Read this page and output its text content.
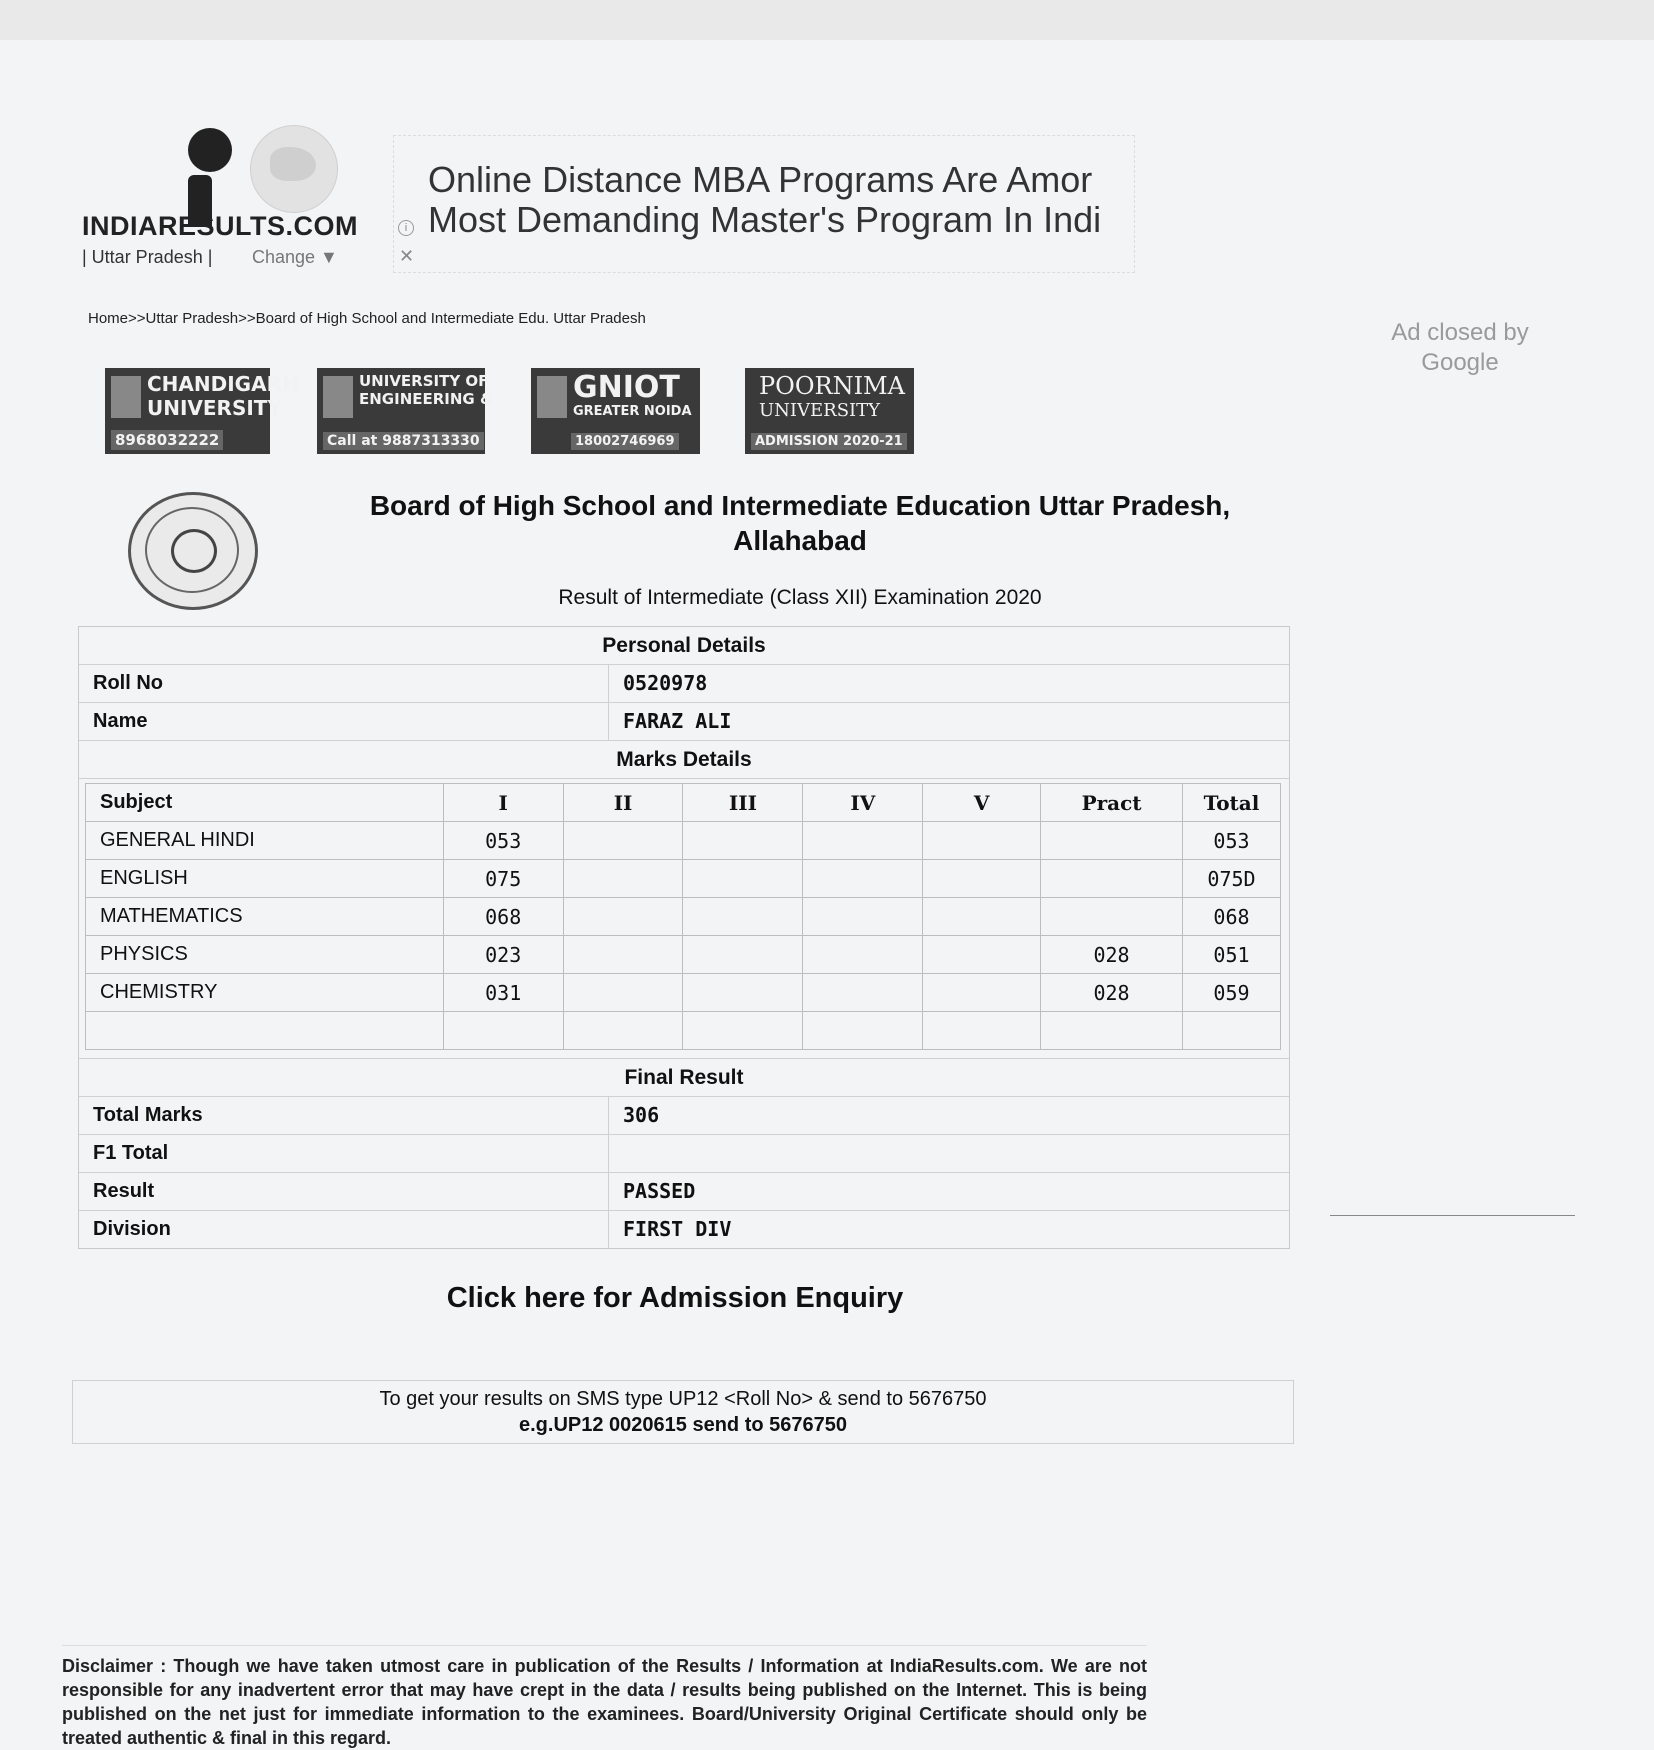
INDIARESULTS.COM
| Uttar Pradesh | Change ▼
Online Distance MBA Programs Are Amor
Most Demanding Master's Program In Indi
i
✕
Home>>Uttar Pradesh>>Board of High School and Intermediate Edu. Uttar Pradesh
Ad closed by
Google
CHANDIGARH
UNIVERSITY
8968032222
UNIVERSITY OF
ENGINEERING &
Call at 9887313330
GNIOT
GREATER NOIDA
18002746969
POORNIMA
UNIVERSITY
ADMISSION 2020-21
Board of High School and Intermediate Education Uttar Pradesh,
Allahabad
Result of Intermediate (Class XII) Examination 2020
Personal Details
Roll No	0520978
Name	FARAZ ALI
Marks Details
Subject	I	II	III	IV	V	Pract	Total
GENERAL HINDI	053						053
ENGLISH	075						075D
MATHEMATICS	068						068
PHYSICS	023					028	051
CHEMISTRY	031					028	059

Final Result
Total Marks	306
F1 Total
Result	PASSED
Division	FIRST DIV
Click here for Admission Enquiry
To get your results on SMS type UP12 <Roll No> & send to 5676750
e.g.UP12 0020615 send to 5676750
Disclaimer : Though we have taken utmost care in publication of the Results / Information at IndiaResults.com. We are not responsible for any inadvertent error that may have crept in the data / results being published on the Internet. This is being published on the net just for immediate information to the examinees. Board/University Original Certificate should only be treated authentic & final in this regard.
